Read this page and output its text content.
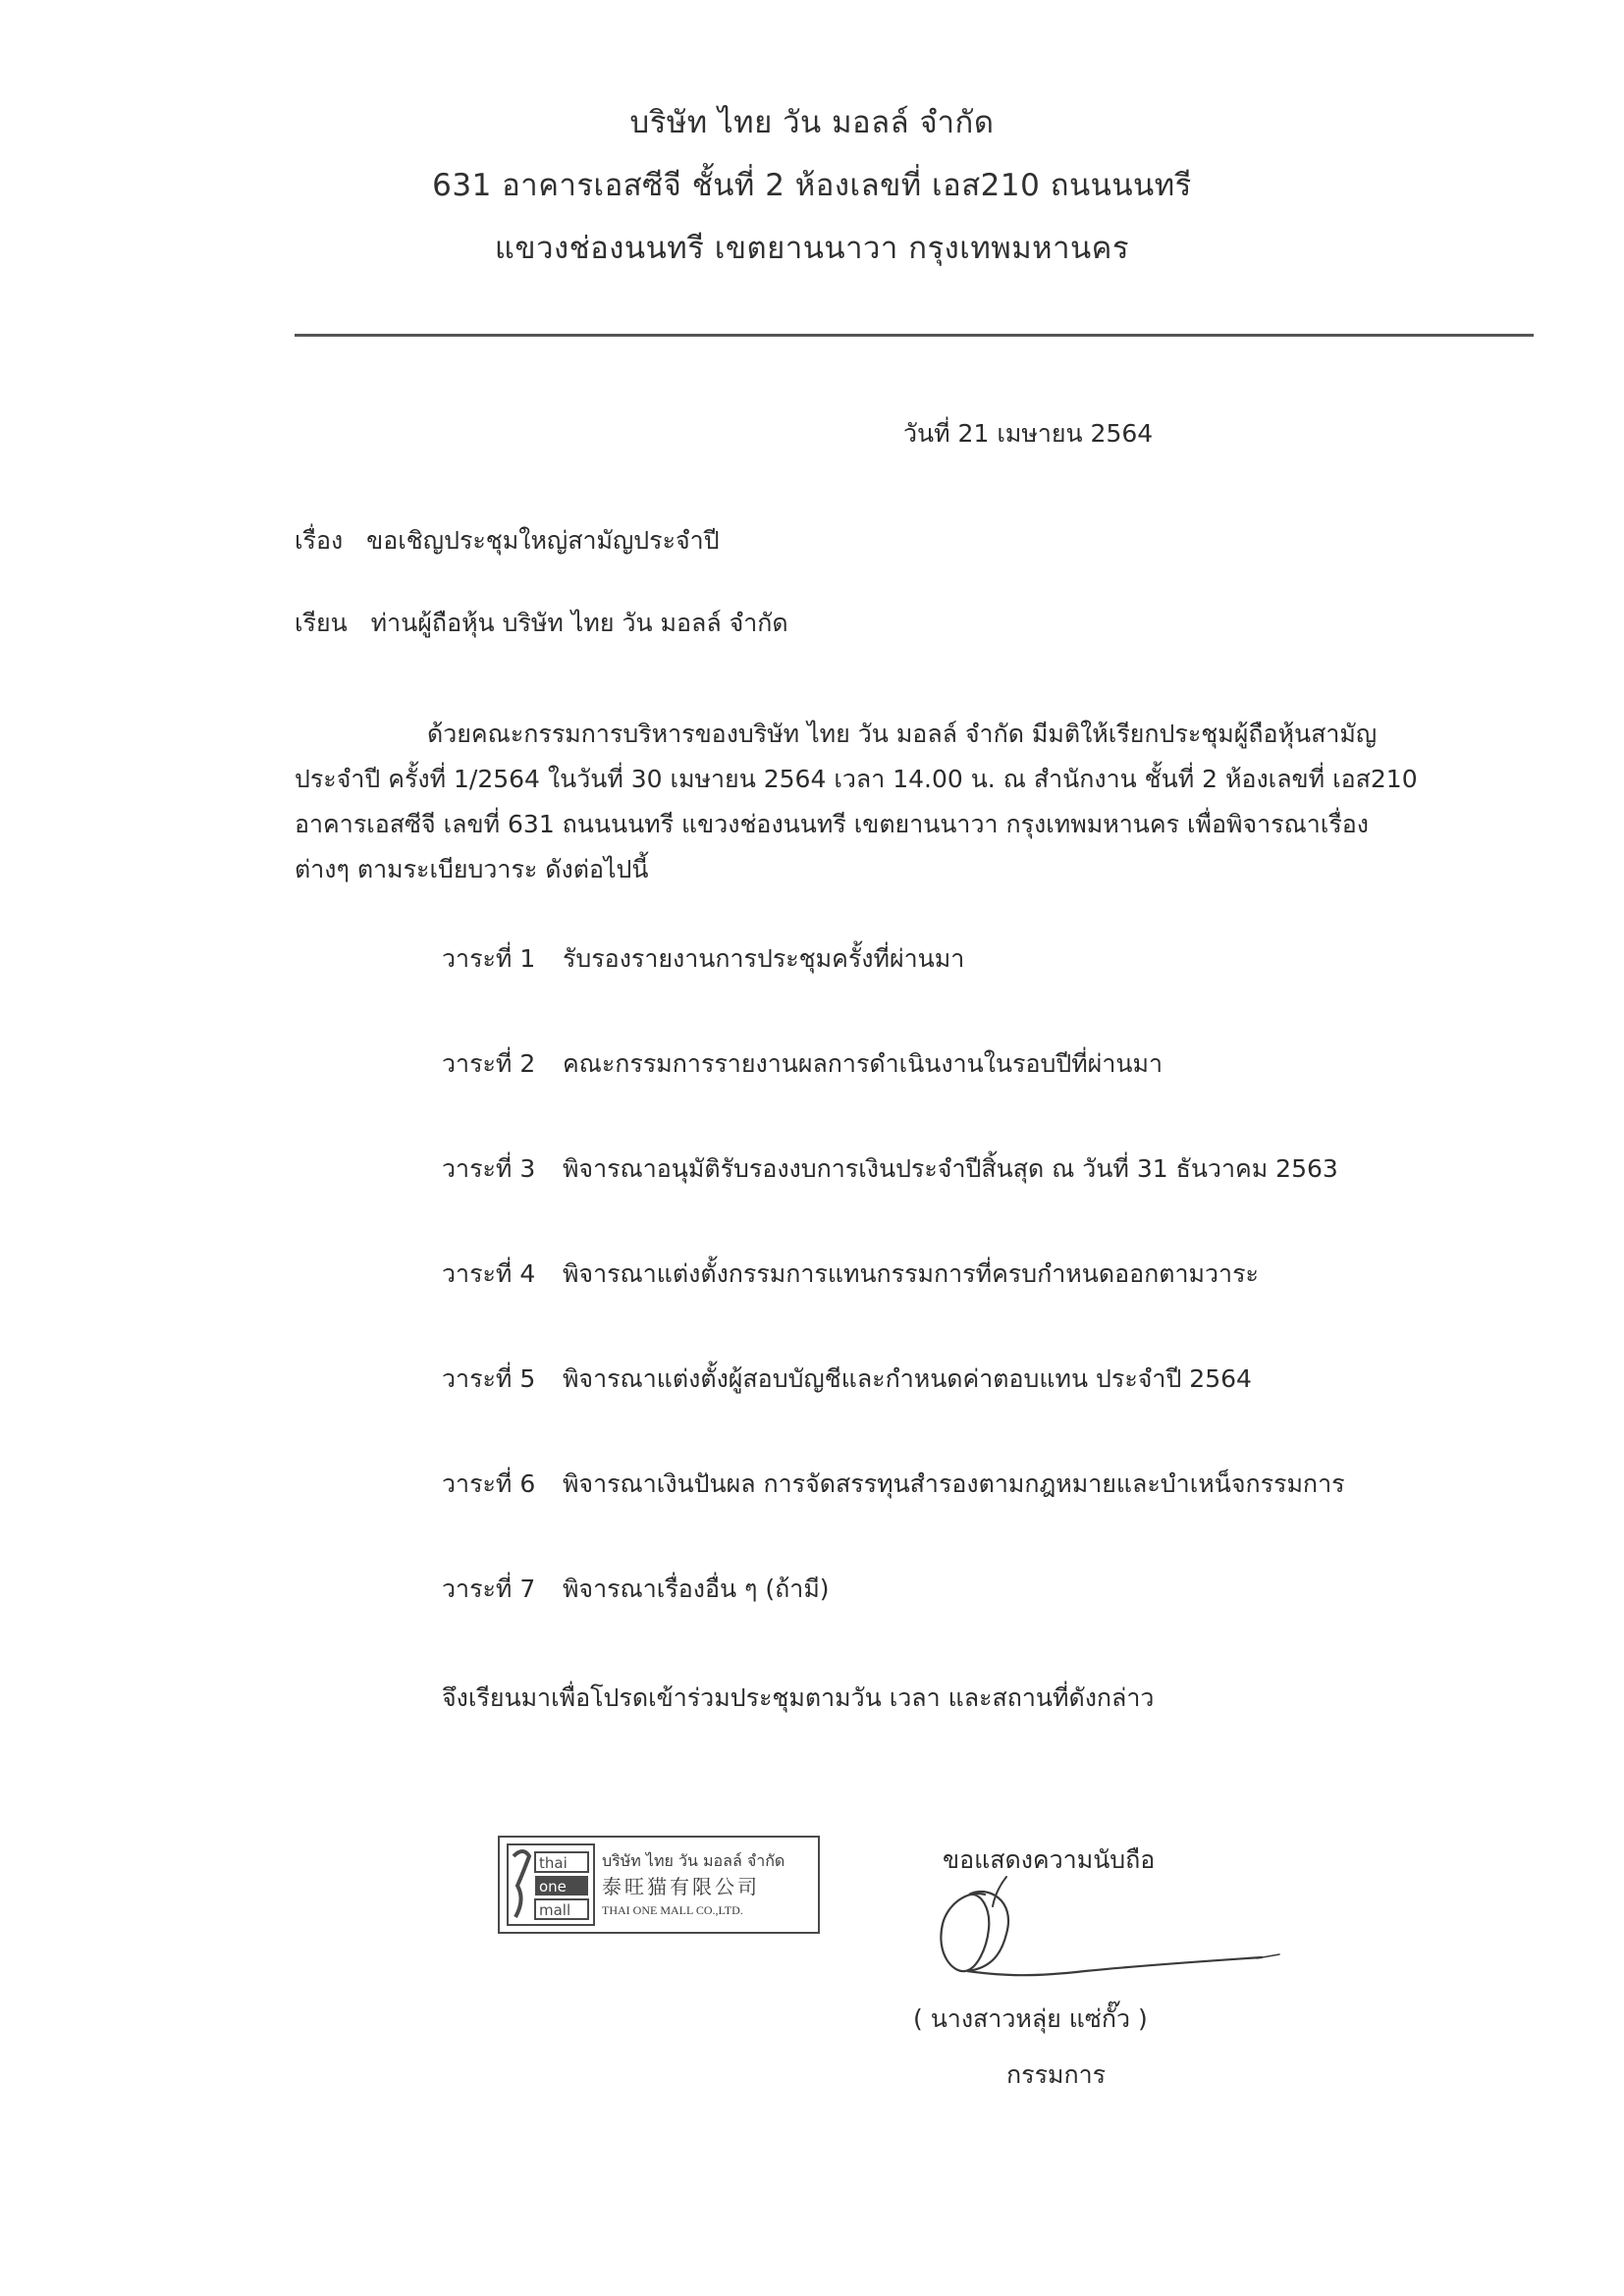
บริษัท ไทย วัน มอลล์ จำกัด
631 อาคารเอสซีจี ชั้นที่ 2 ห้องเลขที่ เอส210 ถนนนนทรี
แขวงช่องนนทรี เขตยานนาวา กรุงเทพมหานคร
วันที่ 21 เมษายน 2564
เรื่อง ขอเชิญประชุมใหญ่สามัญประจำปี
เรียน ท่านผู้ถือหุ้น บริษัท ไทย วัน มอลล์ จำกัด
ด้วยคณะกรรมการบริหารของบริษัท ไทย วัน มอลล์ จำกัด มีมติให้เรียกประชุมผู้ถือหุ้นสามัญ
ประจำปี ครั้งที่ 1/2564 ในวันที่ 30 เมษายน 2564 เวลา 14.00 น. ณ สำนักงาน ชั้นที่ 2 ห้องเลขที่ เอส210
อาคารเอสซีจี เลขที่ 631 ถนนนนทรี แขวงช่องนนทรี เขตยานนาวา กรุงเทพมหานคร เพื่อพิจารณาเรื่อง
ต่างๆ ตามระเบียบวาระ ดังต่อไปนี้
วาระที่ 1 รับรองรายงานการประชุมครั้งที่ผ่านมา
วาระที่ 2 คณะกรรมการรายงานผลการดำเนินงานในรอบปีที่ผ่านมา
วาระที่ 3 พิจารณาอนุมัติรับรองงบการเงินประจำปีสิ้นสุด ณ วันที่ 31 ธันวาคม 2563
วาระที่ 4 พิจารณาแต่งตั้งกรรมการแทนกรรมการที่ครบกำหนดออกตามวาระ
วาระที่ 5 พิจารณาแต่งตั้งผู้สอบบัญชีและกำหนดค่าตอบแทน ประจำปี 2564
วาระที่ 6 พิจารณาเงินปันผล การจัดสรรทุนสำรองตามกฎหมายและบำเหน็จกรรมการ
วาระที่ 7 พิจารณาเรื่องอื่น ๆ (ถ้ามี)
จึงเรียนมาเพื่อโปรดเข้าร่วมประชุมตามวัน เวลา และสถานที่ดังกล่าว
thai
one
mall
บริษัท ไทย วัน มอลล์ จำกัด
泰旺猫有限公司
THAI ONE MALL CO.,LTD.
ขอแสดงความนับถือ
( นางสาวหลุ่ย แซ่กั๊ว )
กรรมการ
